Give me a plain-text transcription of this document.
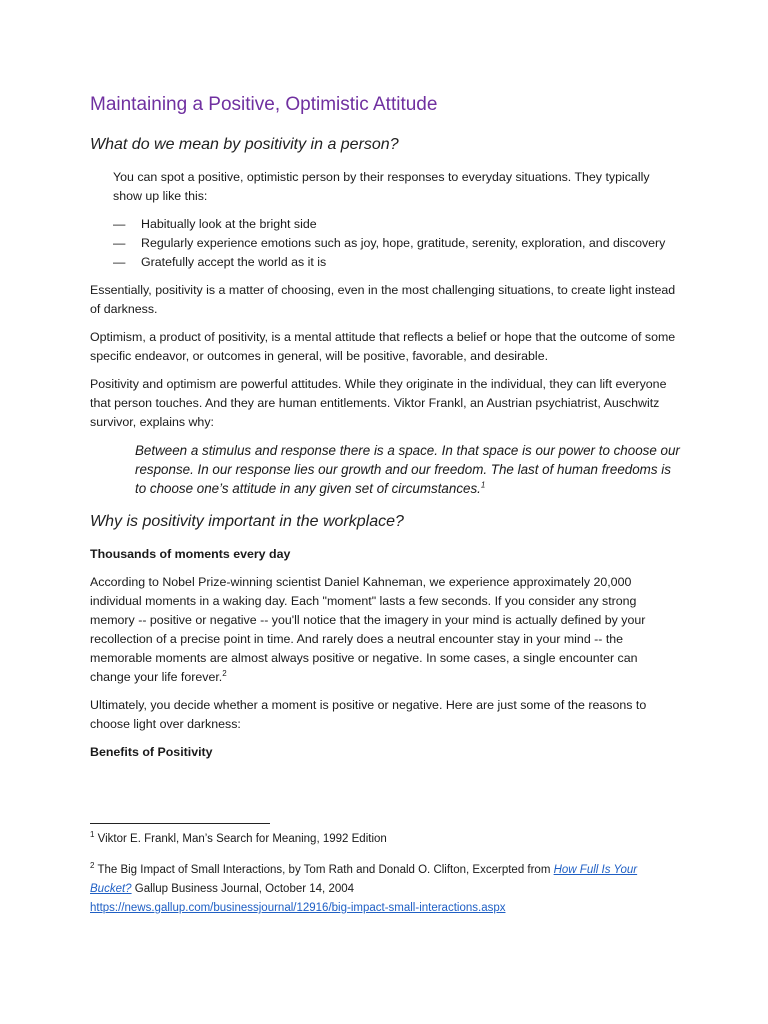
Maintaining a Positive, Optimistic Attitude
What do we mean by positivity in a person?

You can spot a positive, optimistic person by their responses to everyday situations. They typically show up like this:

— Habitually look at the bright side
— Regularly experience emotions such as joy, hope, gratitude, serenity, exploration, and discovery
— Gratefully accept the world as it is

Essentially, positivity is a matter of choosing, even in the most challenging situations, to create light instead of darkness.

Optimism, a product of positivity, is a mental attitude that reflects a belief or hope that the outcome of some specific endeavor, or outcomes in general, will be positive, favorable, and desirable.

Positivity and optimism are powerful attitudes. While they originate in the individual, they can lift everyone that person touches. And they are human entitlements. Viktor Frankl, an Austrian psychiatrist, Auschwitz survivor, explains why:

Between a stimulus and response there is a space. In that space is our power to choose our response. In our response lies our growth and our freedom. The last of human freedoms is to choose one’s attitude in any given set of circumstances.$^1$

Why is positivity important in the workplace?

Thousands of moments every day

According to Nobel Prize-winning scientist Daniel Kahneman, we experience approximately 20,000 individual moments in a waking day. Each "moment" lasts a few seconds. If you consider any strong memory -- positive or negative -- you'll notice that the imagery in your mind is actually defined by your recollection of a precise point in time. And rarely does a neutral encounter stay in your mind -- the memorable moments are almost always positive or negative. In some cases, a single encounter can change your life forever.$^2$

Ultimately, you decide whether a moment is positive or negative. Here are just some of the reasons to choose light over darkness:

Benefits of Positivity

$^1$ Viktor E. Frankl, Man’s Search for Meaning, 1992 Edition

$^2$ The Big Impact of Small Interactions, by Tom Rath and Donald O. Clifton, Excerpted from How Full Is Your Bucket? Gallup Business Journal, October 14, 2004
https://news.gallup.com/businessjournal/12916/big-impact-small-interactions.aspx
